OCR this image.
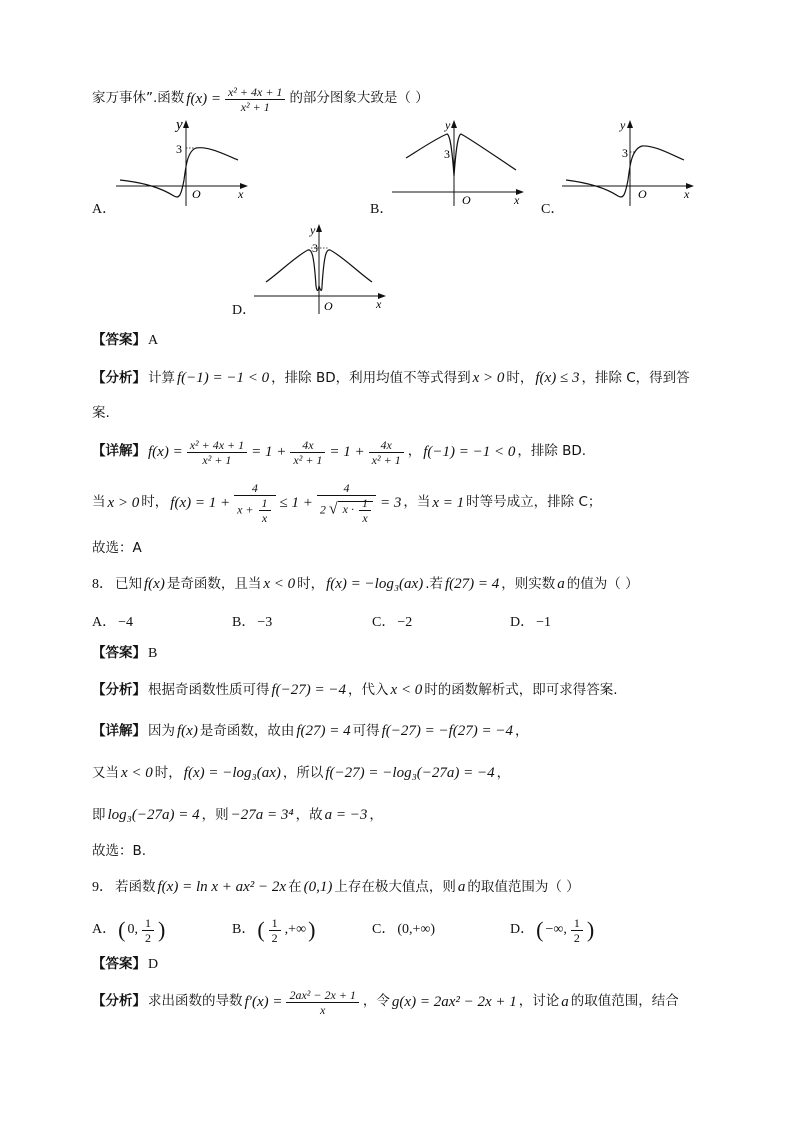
家万事休”.函数 $f(x) = \frac{\text{x² + 4x + 1}}{\text{x² + 1}}$ 的部分图象大致是（ ）
A．
y
3
O	x
B．
y
3
O	x
C．
y
3
O	x
D．
y
3
O	x
【答案】 A
【分析】 计算 f(−1) = −1 < 0 ，排除 BD，利用均值不等式得到 x > 0 时， f(x) ≤ 3 ，排除 C，得到答
案.
【详解】 $f(x) = \frac{\text{x² + 4x + 1}}{\text{x² + 1}} = 1 + \frac{4x}{\text{x² + 1}} = 1 + \frac{4x}{\text{x² + 1}}$ ， f(−1) = −1 < 0 ，排除 BD.
当 x > 0 时， $f(x) = 1 + \frac{4}{x + \frac{1}{x}} \le 1$ +
4
2 √ $x \cdot \frac{1}{x} = 3$ ，当 x = 1 时等号成立，排除 C；
故选：A
8． 已知 f(x) 是奇函数，且当 x < 0 时， f(x) = −log₃(ax) .若 f(27) = 4 ，则实数 a 的值为（ ）
A． −4	B． −3	C． −2	D． −1
【答案】 B
【分析】 根据奇函数性质可得 f(−27) = −4 ，代入 x < 0 时的函数解析式，即可求得答案.
【详解】 因为 f(x) 是奇函数，故由 f(27) = 4 可得 f(−27) = −f(27) = −4 ，
又当 x < 0 时， f(x) = −log₃(ax) ，所以 f(−27) = −log₃(−27a) = −4 ，
即 log₃(−27a) = 4 ，则 −27a = 3⁴ ，故 a = −3 ，
故选：B.
9． 若函数 f(x) = ln x + ax² − 2x 在 (0,1) 上存在极大值点，则 a 的取值范围为（ ）
A． ( 0, $\frac{1}{2}$ )	B． ( $\frac{1}{2}$ ,+∞ )	C． (0,+∞)	D． ( −∞, $\frac{1}{2}$ )
【答案】 D
【分析】 求出函数的导数 $f'(x) = \frac{\text{2ax² − 2x + 1}}{x}$ ，令 g(x) = 2ax² − 2x + 1 ，讨论 a 的取值范围，结合
